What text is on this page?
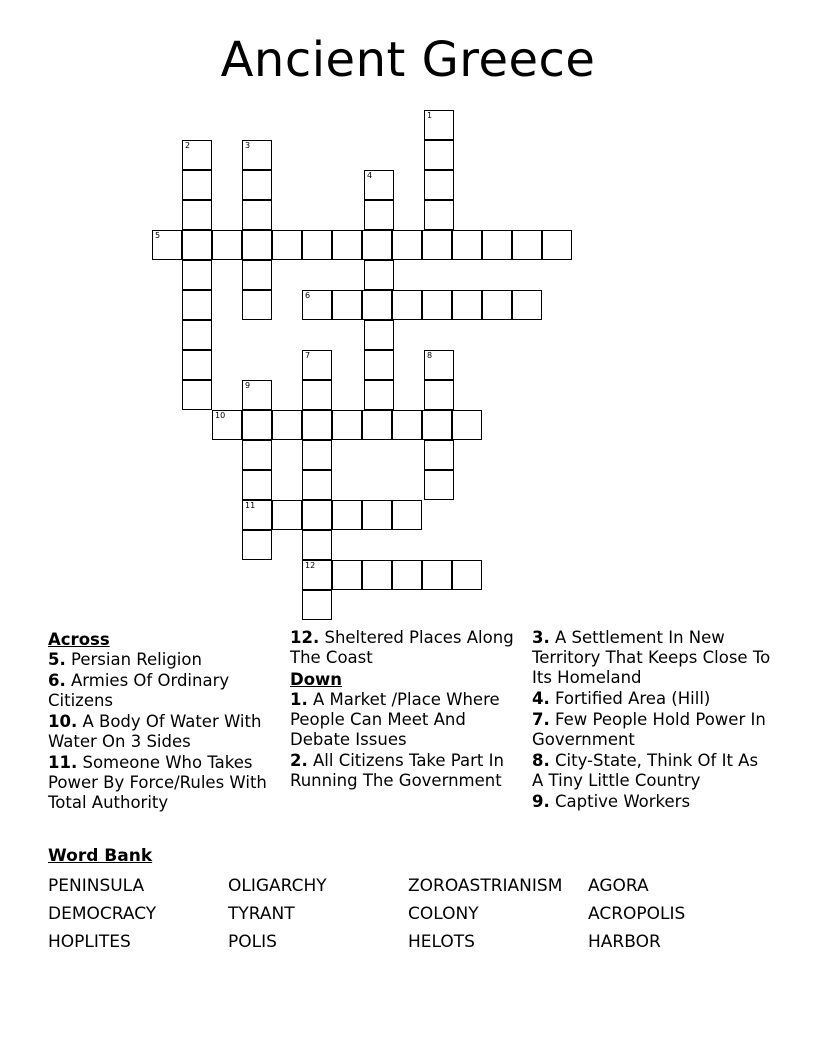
Ancient Greece
1
2	3
4
5
6
7	8
9
10
11
12
Across
5. Persian Religion
6. Armies Of Ordinary Citizens
10. A Body Of Water With Water On 3 Sides
11. Someone Who Takes Power By Force/Rules With Total Authority
12. Sheltered Places Along The Coast
Down
1. A Market /Place Where People Can Meet And Debate Issues
2. All Citizens Take Part In Running The Government
3. A Settlement In New Territory That Keeps Close To Its Homeland
4. Fortified Area (Hill)
7. Few People Hold Power In Government
8. City-State, Think Of It As A Tiny Little Country
9. Captive Workers
Word Bank
PENINSULA	OLIGARCHY	ZOROASTRIANISM AGORA
DEMOCRACY	TYRANT	COLONY	ACROPOLIS
HOPLITES	POLIS	HELOTS	HARBOR
